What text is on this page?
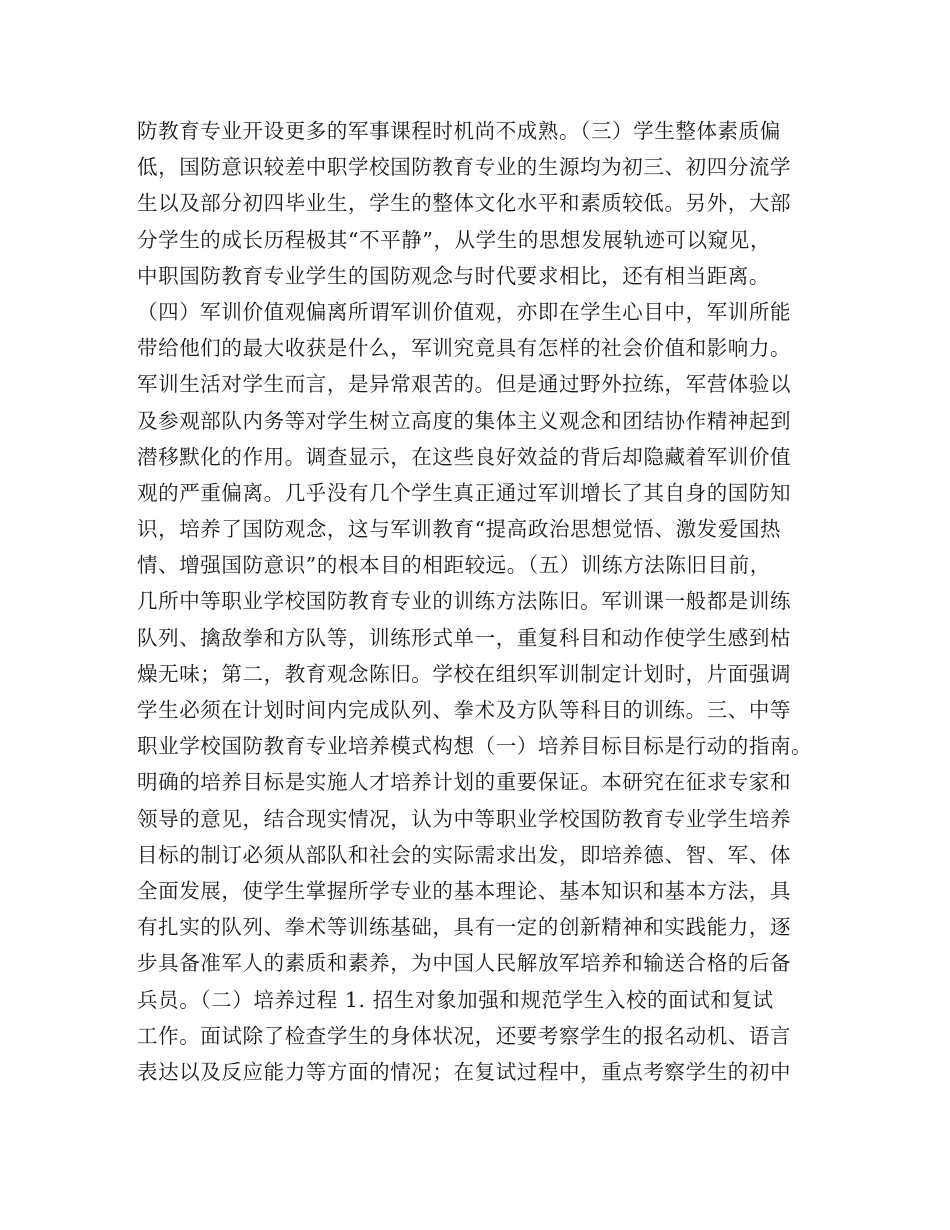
防教育专业开设更多的军事课程时机尚不成熟。（三）学生整体素质偏
低，国防意识较差中职学校国防教育专业的生源均为初三、初四分流学
生以及部分初四毕业生，学生的整体文化水平和素质较低。另外，大部
分学生的成长历程极其“不平静”，从学生的思想发展轨迹可以窥见，
中职国防教育专业学生的国防观念与时代要求相比，还有相当距离。
（四）军训价值观偏离所谓军训价值观，亦即在学生心目中，军训所能
带给他们的最大收获是什么，军训究竟具有怎样的社会价值和影响力。
军训生活对学生而言，是异常艰苦的。但是通过野外拉练，军营体验以
及参观部队内务等对学生树立高度的集体主义观念和团结协作精神起到
潜移默化的作用。调查显示，在这些良好效益的背后却隐藏着军训价值
观的严重偏离。几乎没有几个学生真正通过军训增长了其自身的国防知
识，培养了国防观念，这与军训教育“提高政治思想觉悟、激发爱国热
情、增强国防意识”的根本目的相距较远。（五）训练方法陈旧目前，
几所中等职业学校国防教育专业的训练方法陈旧。军训课一般都是训练
队列、擒敌拳和方队等，训练形式单一，重复科目和动作使学生感到枯
燥无味；第二，教育观念陈旧。学校在组织军训制定计划时，片面强调
学生必须在计划时间内完成队列、拳术及方队等科目的训练。三、中等
职业学校国防教育专业培养模式构想（一）培养目标目标是行动的指南。
明确的培养目标是实施人才培养计划的重要保证。本研究在征求专家和
领导的意见，结合现实情况，认为中等职业学校国防教育专业学生培养
目标的制订必须从部队和社会的实际需求出发，即培养德、智、军、体
全面发展，使学生掌握所学专业的基本理论、基本知识和基本方法，具
有扎实的队列、拳术等训练基础，具有一定的创新精神和实践能力，逐
步具备准军人的素质和素养，为中国人民解放军培养和输送合格的后备
兵员。（二）培养过程 1. 招生对象加强和规范学生入校的面试和复试
工作。面试除了检查学生的身体状况，还要考察学生的报名动机、语言
表达以及反应能力等方面的情况；在复试过程中，重点考察学生的初中
